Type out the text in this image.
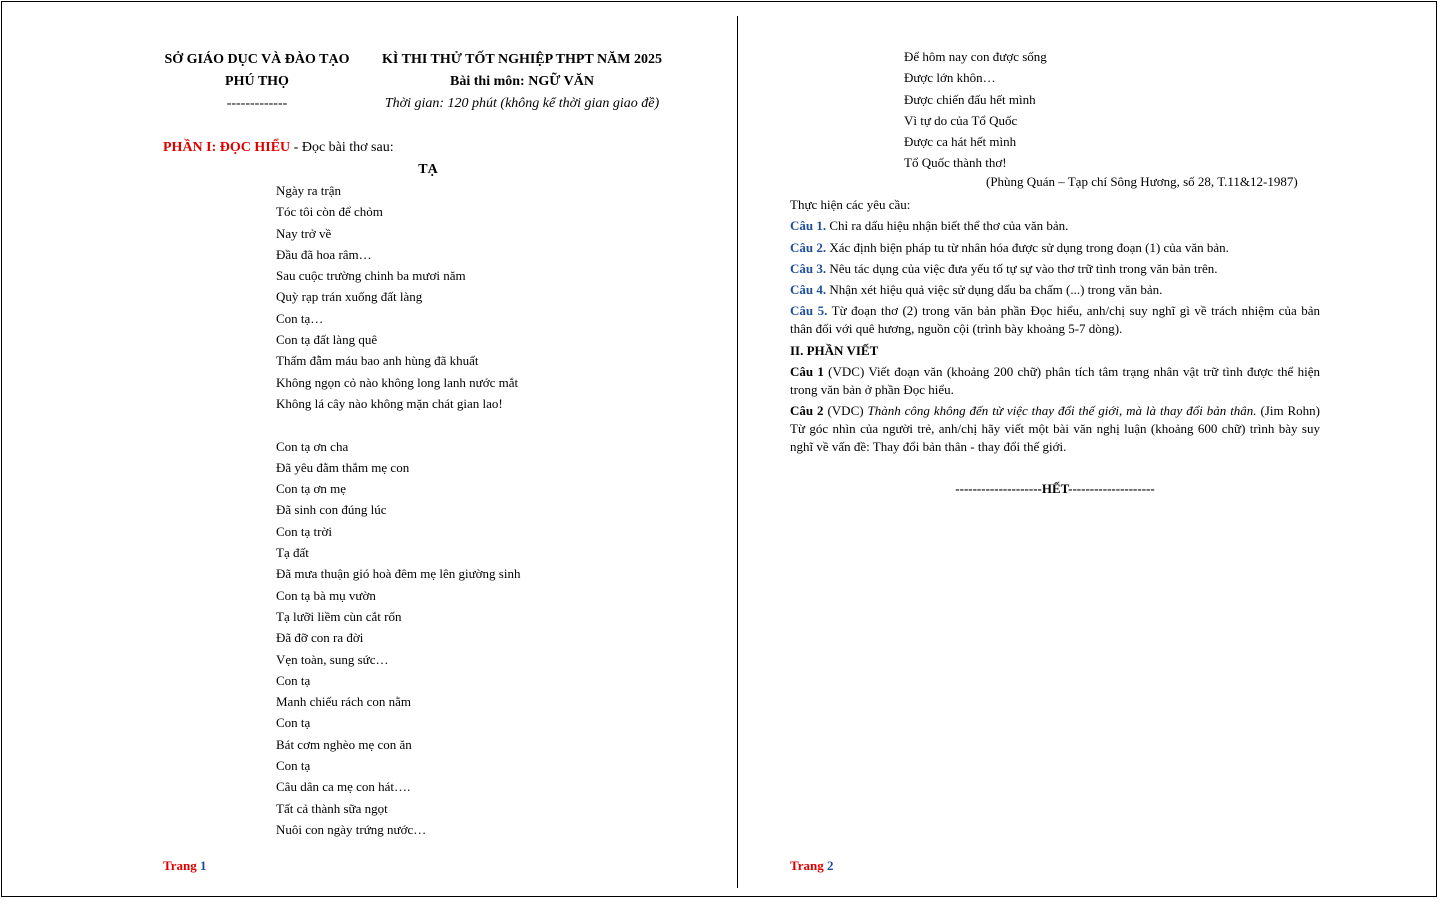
SỞ GIÁO DỤC VÀ ĐÀO TẠO
PHÚ THỌ
-------------
KÌ THI THỬ TỐT NGHIỆP THPT NĂM 2025
Bài thi môn: NGỮ VĂN
Thời gian: 120 phút (không kể thời gian giao đề)
PHẦN I: ĐỌC HIỂU - Đọc bài thơ sau:
TẠ
Ngày ra trận
Tóc tôi còn để chỏm
Nay trở về
Đầu đã hoa râm…
Sau cuộc trường chinh ba mươi năm
Quỳ rạp trán xuống đất làng
Con tạ…
Con tạ đất làng quê
Thấm đẫm máu bao anh hùng đã khuất
Không ngọn cỏ nào không long lanh nước mắt
Không lá cây nào không mặn chát gian lao!
Con tạ ơn cha
Đã yêu đằm thắm mẹ con
Con tạ ơn mẹ
Đã sinh con đúng lúc
Con tạ trời
Tạ đất
Đã mưa thuận gió hoà đêm mẹ lên giường sinh
Con tạ bà mụ vườn
Tạ lưỡi liềm cùn cắt rốn
Đã đỡ con ra đời
Vẹn toàn, sung sức…
Con tạ
Manh chiếu rách con nằm
Con tạ
Bát cơm nghèo mẹ con ăn
Con tạ
Câu dân ca mẹ con hát….
Tất cả thành sữa ngọt
Nuôi con ngày trứng nước…
Trang 1
Để hôm nay con được sống
Được lớn khôn…
Được chiến đấu hết mình
Vì tự do của Tổ Quốc
Được ca hát hết mình
Tổ Quốc thành thơ!
(Phùng Quán – Tạp chí Sông Hương, số 28, T.11&12-1987)

Thực hiện các yêu cầu:

Câu 1. Chỉ ra dấu hiệu nhận biết thể thơ của văn bản.

Câu 2. Xác định biện pháp tu từ nhân hóa được sử dụng trong đoạn (1) của văn bản.

Câu 3. Nêu tác dụng của việc đưa yếu tố tự sự vào thơ trữ tình trong văn bản trên.

Câu 4. Nhận xét hiệu quả việc sử dụng dấu ba chấm (...) trong văn bản.

Câu 5. Từ đoạn thơ (2) trong văn bản phần Đọc hiểu, anh/chị suy nghĩ gì về trách nhiệm của bản thân đối với quê hương, nguồn cội (trình bày khoảng 5-7 dòng).

II. PHẦN VIẾT

Câu 1 (VDC) Viết đoạn văn (khoảng 200 chữ) phân tích tâm trạng nhân vật trữ tình được thể hiện trong văn bản ở phần Đọc hiểu.

Câu 2 (VDC) Thành công không đến từ việc thay đổi thế giới, mà là thay đổi bản thân. (Jim Rohn) Từ góc nhìn của người trẻ, anh/chị hãy viết một bài văn nghị luận (khoảng 600 chữ) trình bày suy nghĩ về vấn đề: Thay đổi bản thân - thay đổi thế giới.

--------------------HẾT--------------------
Trang 2
